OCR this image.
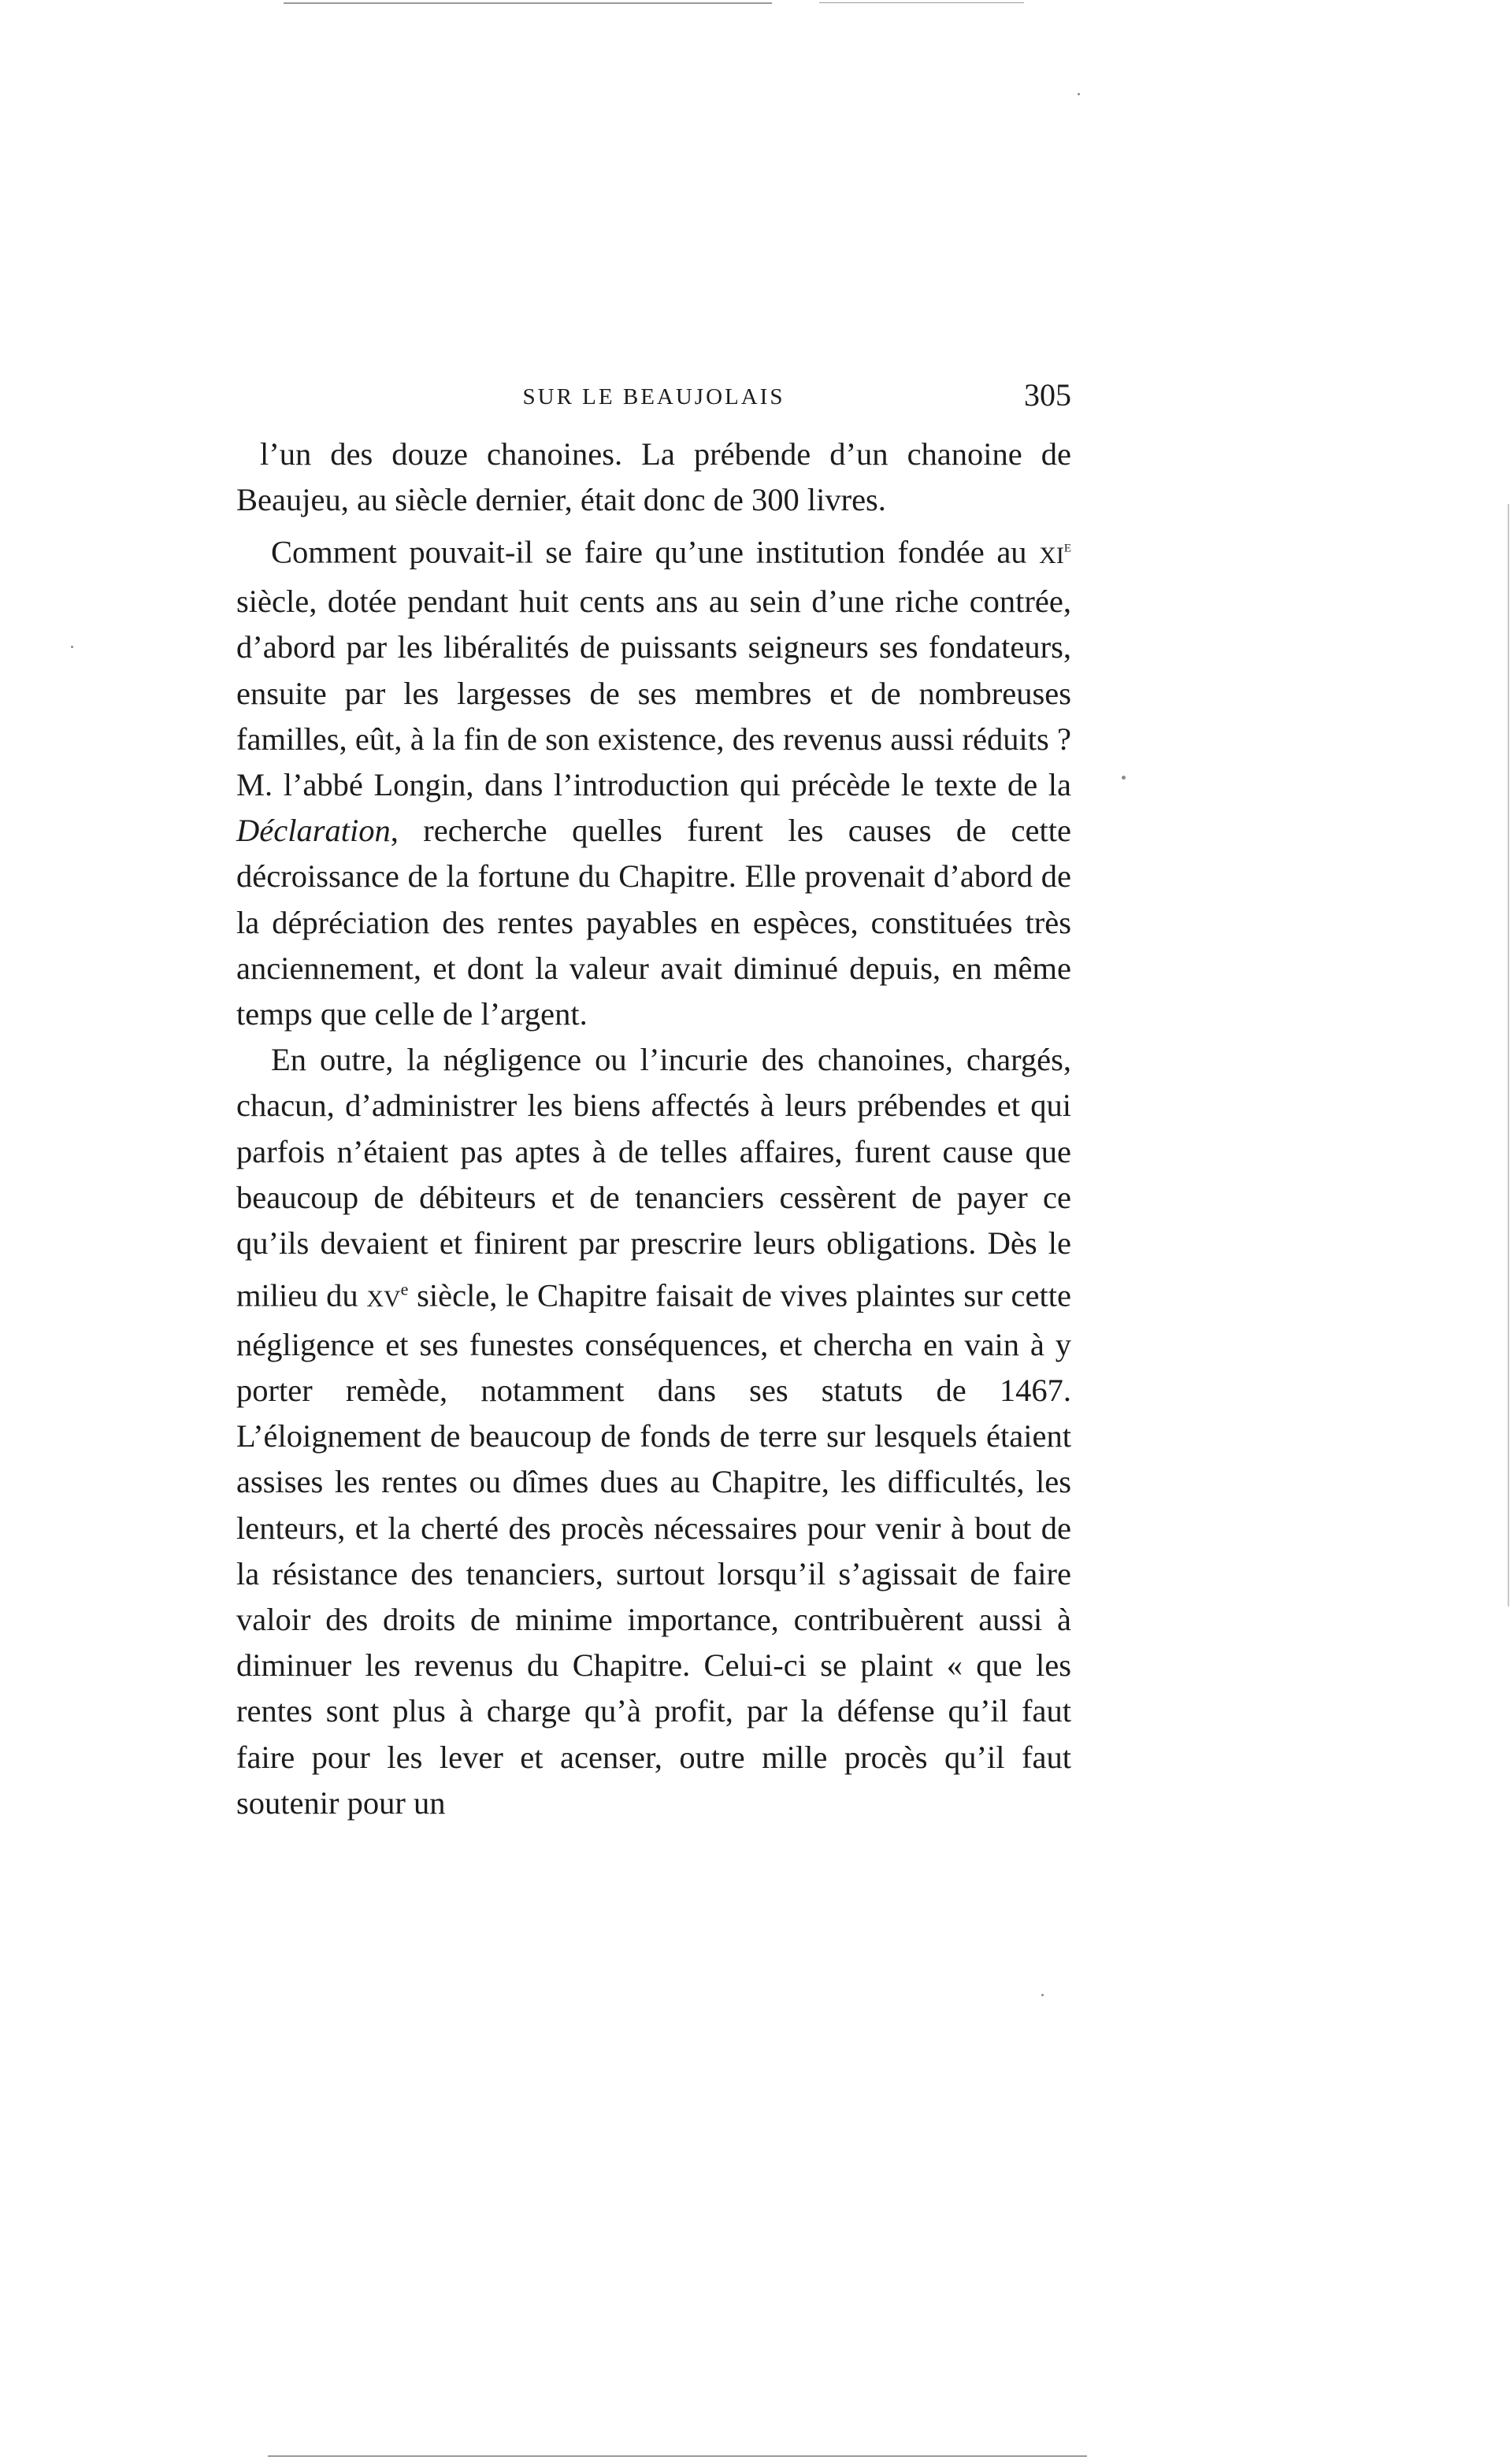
SUR LE BEAUJOLAIS	305

l’un des douze chanoines. La prébende d’un chanoine de Beaujeu, au siècle dernier, était donc de 300 livres.

Comment pouvait-il se faire qu’une institution fondée au XIe siècle, dotée pendant huit cents ans au sein d’une riche contrée, d’abord par les libéralités de puissants seigneurs ses fondateurs, ensuite par les largesses de ses membres et de nombreuses familles, eût, à la fin de son existence, des revenus aussi réduits ? M. l’abbé Longin, dans l’introduction qui précède le texte de la Déclaration, recherche quelles furent les causes de cette décroissance de la fortune du Chapitre. Elle provenait d’abord de la dépréciation des rentes payables en espèces, constituées très anciennement, et dont la valeur avait diminué depuis, en même temps que celle de l’argent.

En outre, la négligence ou l’incurie des chanoines, chargés, chacun, d’administrer les biens affectés à leurs prébendes et qui parfois n’étaient pas aptes à de telles affaires, furent cause que beaucoup de débiteurs et de tenanciers cessèrent de payer ce qu’ils devaient et finirent par prescrire leurs obligations. Dès le milieu du XVe siècle, le Chapitre faisait de vives plaintes sur cette négligence et ses funestes conséquences, et chercha en vain à y porter remède, notamment dans ses statuts de 1467. L’éloignement de beaucoup de fonds de terre sur lesquels étaient assises les rentes ou dîmes dues au Chapitre, les difficultés, les lenteurs, et la cherté des procès nécessaires pour venir à bout de la résistance des tenanciers, surtout lorsqu’il s’agissait de faire valoir des droits de minime importance, contribuèrent aussi à diminuer les revenus du Chapitre. Celui-ci se plaint « que les rentes sont plus à charge qu’à profit, par la défense qu’il faut faire pour les lever et acenser, outre mille procès qu’il faut soutenir pour un
